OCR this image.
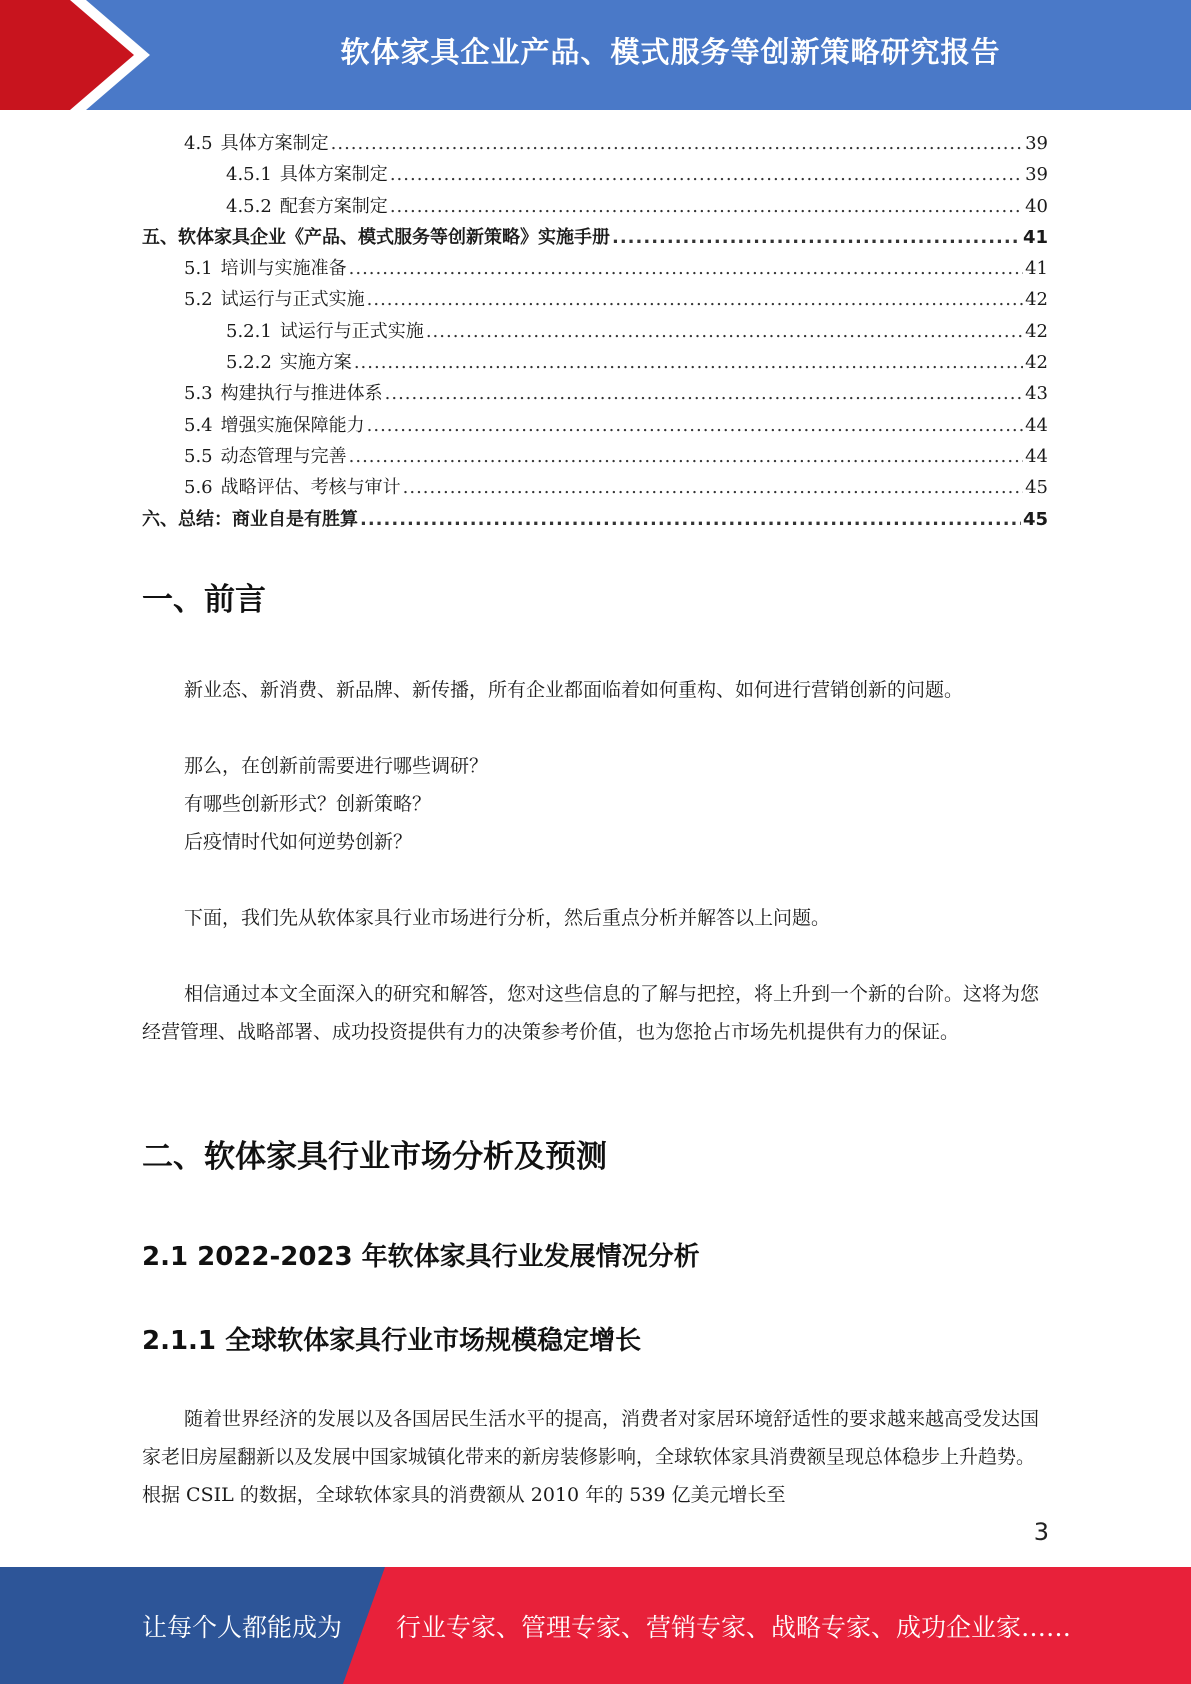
软体家具企业产品、模式服务等创新策略研究报告
4.5 具体方案制定 .....	39
4.5.1 具体方案制定 .....	39
4.5.2 配套方案制定 .....	40
五、软体家具企业《产品、模式服务等创新策略》实施手册 .....	41
5.1 培训与实施准备 .....	41
5.2 试运行与正式实施 .....	42
5.2.1 试运行与正式实施 .....	42
5.2.2 实施方案 .....	42
5.3 构建执行与推进体系 .....	43
5.4 增强实施保障能力 .....	44
5.5 动态管理与完善 .....	44
5.6 战略评估、考核与审计 .....	45
六、总结：商业自是有胜算 .....	45
一、前言
新业态、新消费、新品牌、新传播，所有企业都面临着如何重构、如何进行营销创新的问题。
那么，在创新前需要进行哪些调研？
有哪些创新形式？创新策略？
后疫情时代如何逆势创新？
下面，我们先从软体家具行业市场进行分析，然后重点分析并解答以上问题。
相信通过本文全面深入的研究和解答，您对这些信息的了解与把控，将上升到一个新的台阶。这将为您经营管理、战略部署、成功投资提供有力的决策参考价值，也为您抢占市场先机提供有力的保证。
二、软体家具行业市场分析及预测
2.1 2022-2023 年软体家具行业发展情况分析
2.1.1 全球软体家具行业市场规模稳定增长
随着世界经济的发展以及各国居民生活水平的提高，消费者对家居环境舒适性的要求越来越高受发达国家老旧房屋翻新以及发展中国家城镇化带来的新房装修影响，全球软体家具消费额呈现总体稳步上升趋势。根据 CSIL 的数据，全球软体家具的消费额从 2010 年的 539 亿美元增长至
3
让每个人都能成为 行业专家、管理专家、营销专家、战略专家、成功企业家……
